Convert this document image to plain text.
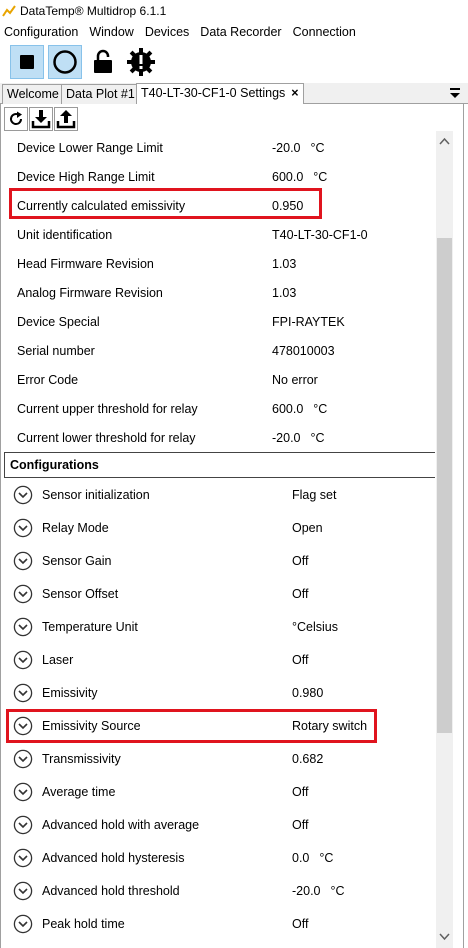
DataTemp® Multidrop 6.1.1
Configuration Window Devices Data Recorder Connection
Welcome Data Plot #1 T40-LT-30-CF1-0 Settings ×
Device Lower Range Limit	-20.0 °C
Device High Range Limit	600.0 °C
Currently calculated emissivity	0.950
Unit identification	T40-LT-30-CF1-0
Head Firmware Revision	1.03
Analog Firmware Revision	1.03
Device Special	FPI-RAYTEK
Serial number	478010003
Error Code	No error
Current upper threshold for relay	600.0 °C
Current lower threshold for relay	-20.0 °C
Configurations
Sensor initialization	Flag set
Relay Mode	Open
Sensor Gain	Off
Sensor Offset	Off
Temperature Unit	°Celsius
Laser	Off
Emissivity	0.980
Emissivity Source	Rotary switch
Transmissivity	0.682
Average time	Off
Advanced hold with average	Off
Advanced hold hysteresis	0.0 °C
Advanced hold threshold	-20.0 °C
Peak hold time	Off
